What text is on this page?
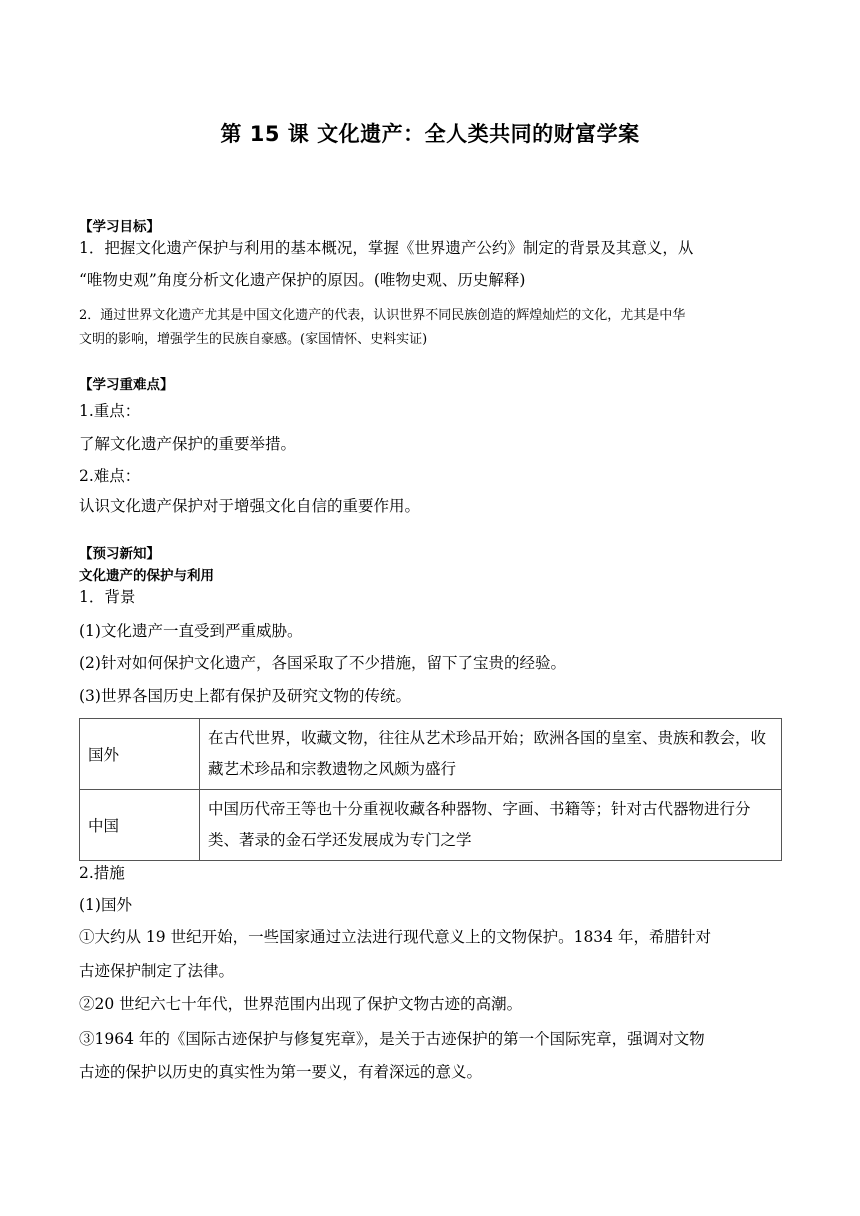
第 15 课 文化遗产：全人类共同的财富学案
【学习目标】
1．把握文化遗产保护与利用的基本概况，掌握《世界遗产公约》制定的背景及其意义，从
“唯物史观”角度分析文化遗产保护的原因。(唯物史观、历史解释)
2．通过世界文化遗产尤其是中国文化遗产的代表，认识世界不同民族创造的辉煌灿烂的文化，尤其是中华
文明的影响，增强学生的民族自豪感。(家国情怀、史料实证)
【学习重难点】
1.重点：
了解文化遗产保护的重要举措。
2.难点：
认识文化遗产保护对于增强文化自信的重要作用。
【预习新知】
文化遗产的保护与利用
1．背景
(1)文化遗产一直受到严重威胁。
(2)针对如何保护文化遗产，各国采取了不少措施，留下了宝贵的经验。
(3)世界各国历史上都有保护及研究文物的传统。
国外	在古代世界，收藏文物，往往从艺术珍品开始；欧洲各国的皇室、贵族和教会，收藏艺术珍品和宗教遗物之风颇为盛行
中国	中国历代帝王等也十分重视收藏各种器物、字画、书籍等；针对古代器物进行分类、著录的金石学还发展成为专门之学
2.措施
(1)国外
①大约从 19 世纪开始，一些国家通过立法进行现代意义上的文物保护。1834 年，希腊针对
古迹保护制定了法律。
②20 世纪六七十年代，世界范围内出现了保护文物古迹的高潮。
③1964 年的《国际古迹保护与修复宪章》，是关于古迹保护的第一个国际宪章，强调对文物
古迹的保护以历史的真实性为第一要义，有着深远的意义。
